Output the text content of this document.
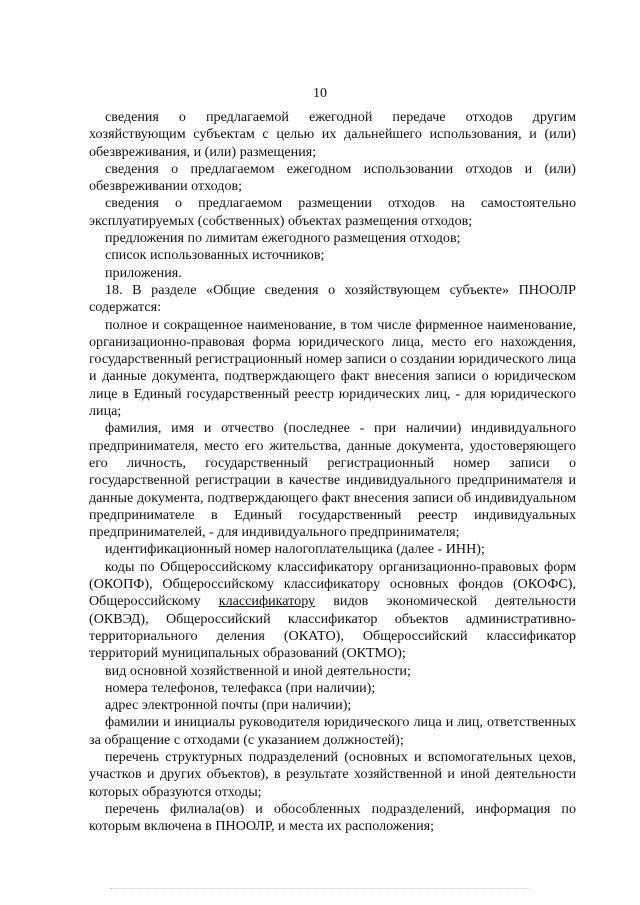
10

сведения о предлагаемой ежегодной передаче отходов другим хозяйствующим субъектам с целью их дальнейшего использования, и (или) обезвреживания, и (или) размещения;

сведения о предлагаемом ежегодном использовании отходов и (или) обезвреживании отходов;

сведения о предлагаемом размещении отходов на самостоятельно эксплуатируемых (собственных) объектах размещения отходов;

предложения по лимитам ежегодного размещения отходов;

список использованных источников;

приложения.

18. В разделе «Общие сведения о хозяйствующем субъекте» ПНООЛР содержатся:

полное и сокращенное наименование, в том числе фирменное наименование, организационно-правовая форма юридического лица, место его нахождения, государственный регистрационный номер записи о создании юридического лица и данные документа, подтверждающего факт внесения записи о юридическом лице в Единый государственный реестр юридических лиц, - для юридического лица;

фамилия, имя и отчество (последнее - при наличии) индивидуального предпринимателя, место его жительства, данные документа, удостоверяющего его личность, государственный регистрационный номер записи о государственной регистрации в качестве индивидуального предпринимателя и данные документа, подтверждающего факт внесения записи об индивидуальном предпринимателе в Единый государственный реестр индивидуальных предпринимателей, - для индивидуального предпринимателя;

идентификационный номер налогоплательщика (далее - ИНН);

коды по Общероссийскому классификатору организационно-правовых форм (ОКОПФ), Общероссийскому классификатору основных фондов (ОКОФС), Общероссийскому классификатору видов экономической деятельности (ОКВЭД), Общероссийский классификатор объектов административно-территориального деления (ОКАТО), Общероссийский классификатор территорий муниципальных образований (ОКТМО);

вид основной хозяйственной и иной деятельности;

номера телефонов, телефакса (при наличии);

адрес электронной почты (при наличии);

фамилии и инициалы руководителя юридического лица и лиц, ответственных за обращение с отходами (с указанием должностей);

перечень структурных подразделений (основных и вспомогательных цехов, участков и других объектов), в результате хозяйственной и иной деятельности которых образуются отходы;

перечень филиала(ов) и обособленных подразделений, информация по которым включена в ПНООЛР, и места их расположения;
